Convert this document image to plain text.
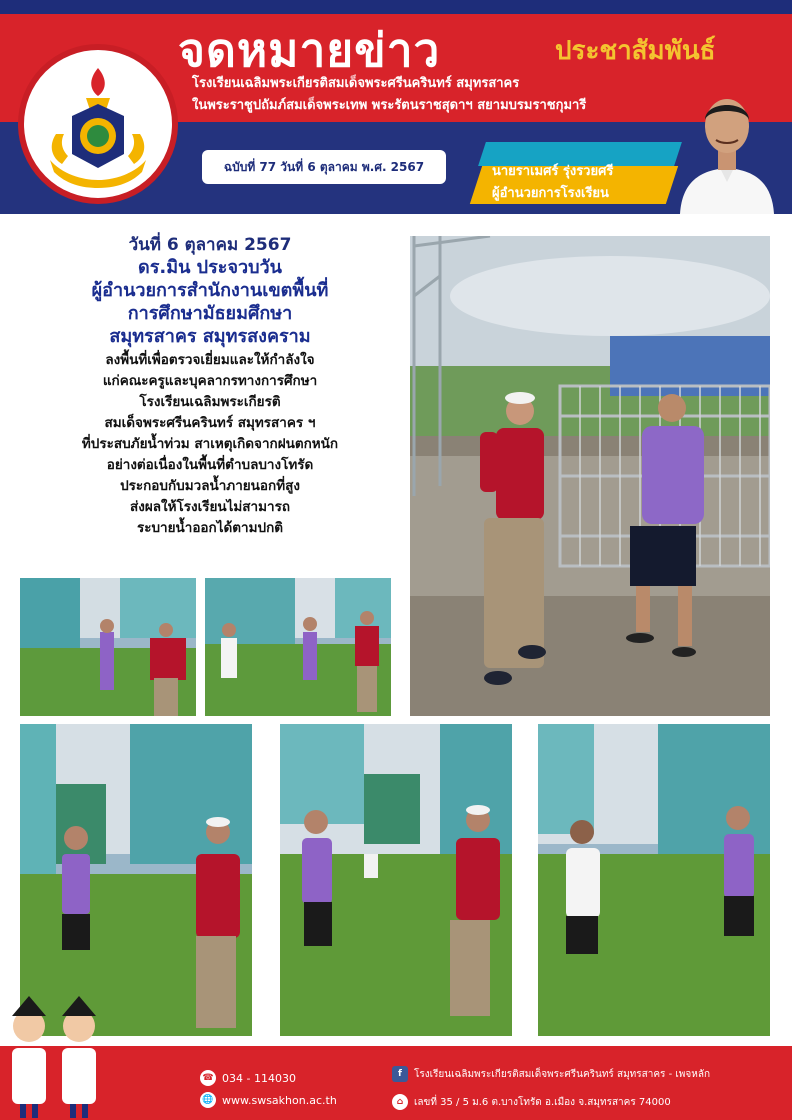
จดหมายข่าว	ประชาสัมพันธ์
โรงเรียนเฉลิมพระเกียรติสมเด็จพระศรีนครินทร์ สมุทรสาคร
ในพระราชูปถัมภ์สมเด็จพระเทพ พระรัตนราชสุดาฯ สยามบรมราชกุมารี
ฉบับที่ 77 วันที่ 6 ตุลาคม พ.ศ. 2567	นายราเมศร์ รุ่งรวยศรี
ผู้อำนวยการโรงเรียน
วันที่ 6 ตุลาคม 2567
ดร.มิน ประจวบวัน
ผู้อำนวยการสำนักงานเขตพื้นที่
การศึกษามัธยมศึกษา
สมุทรสาคร สมุทรสงคราม
ลงพื้นที่เพื่อตรวจเยี่ยมและให้กำลังใจ
แก่คณะครูและบุคลากรทางการศึกษา
โรงเรียนเฉลิมพระเกียรติ
สมเด็จพระศรีนครินทร์ สมุทรสาคร ฯ
ที่ประสบภัยน้ำท่วม สาเหตุเกิดจากฝนตกหนัก
อย่างต่อเนื่องในพื้นที่ตำบลบางโทรัด
ประกอบกับมวลน้ำภายนอกที่สูง
ส่งผลให้โรงเรียนไม่สามารถ
ระบายน้ำออกได้ตามปกติ
☎ 034 - 114030
🌐 www.swsakhon.ac.th
f	โรงเรียนเฉลิมพระเกียรติสมเด็จพระศรีนครินทร์ สมุทรสาคร - เพจหลัก
⌂	เลขที่ 35 / 5 ม.6 ต.บางโทรัด อ.เมือง จ.สมุทรสาคร 74000
